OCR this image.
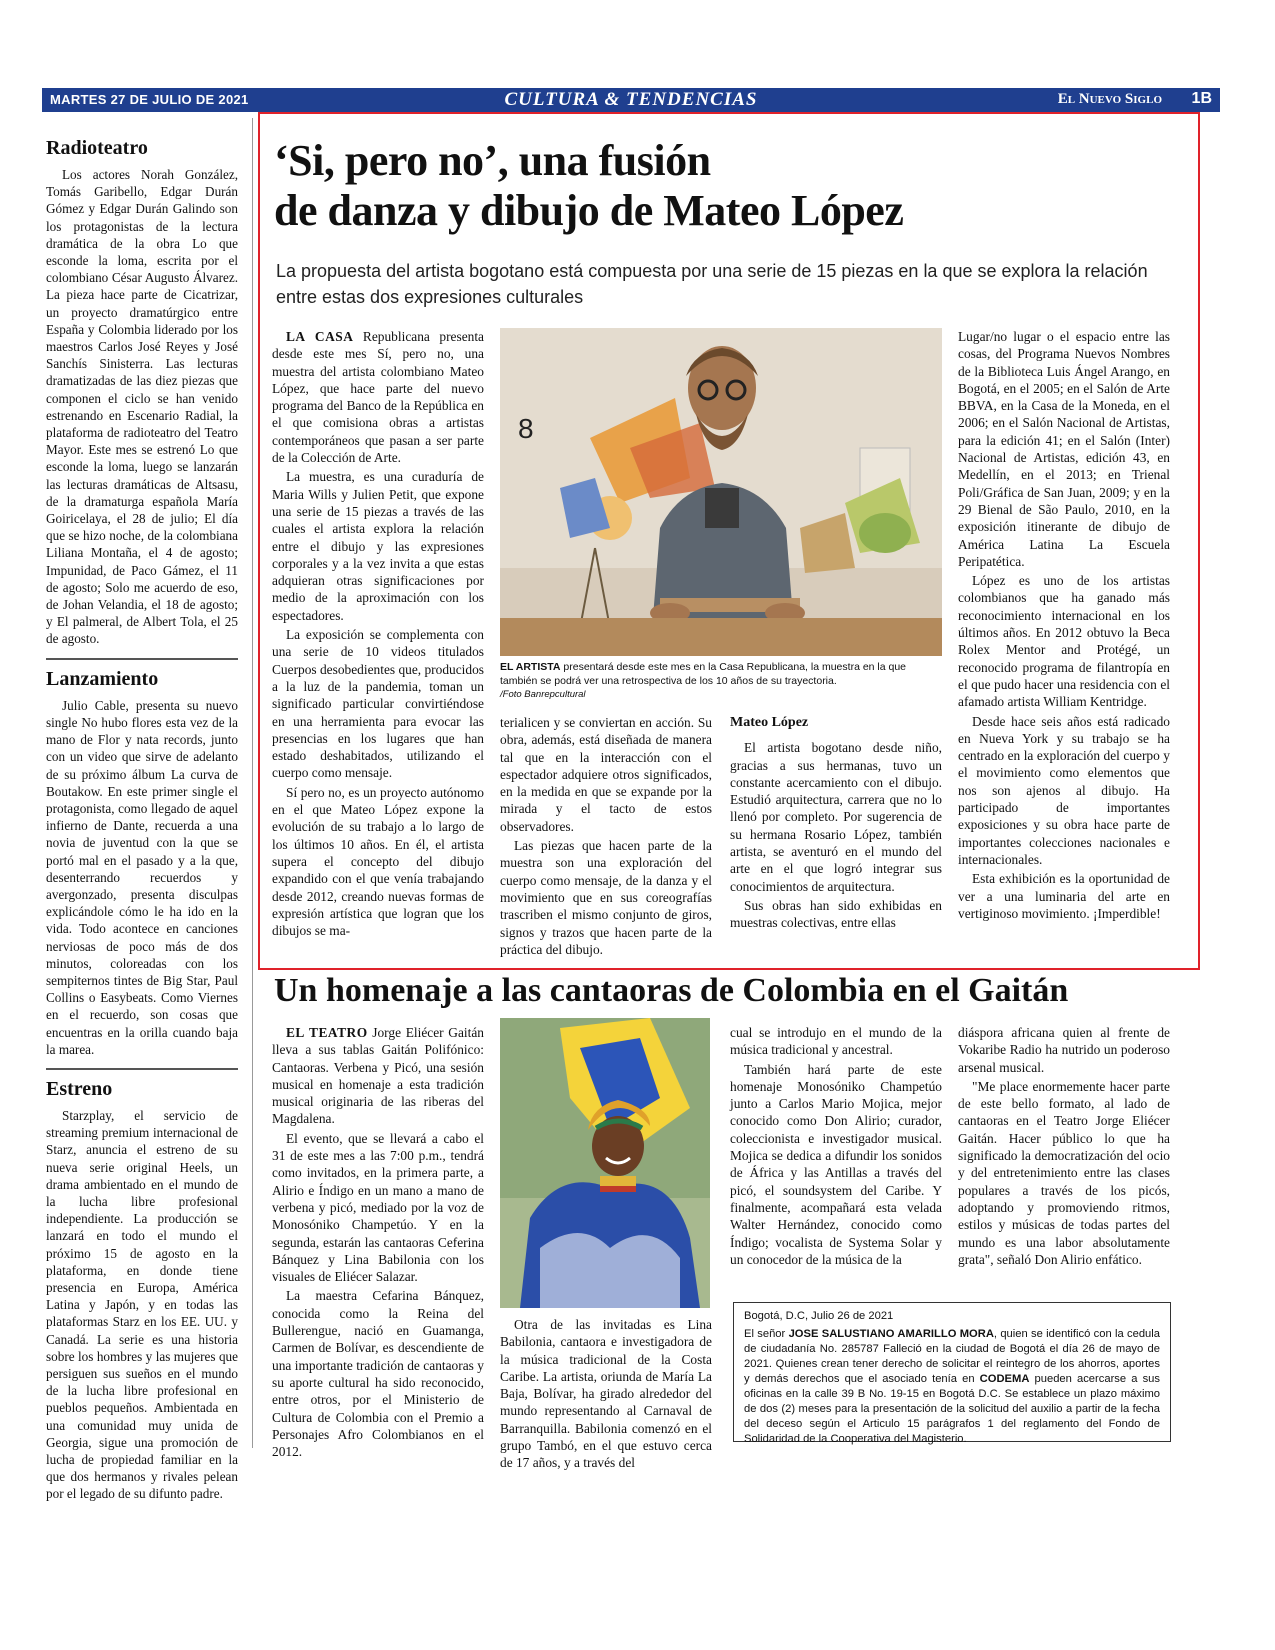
MARTES 27 DE JULIO DE 2021	CULTURA & TENDENCIAS	El Nuevo Siglo 1B
Radioteatro

Los actores Norah González, Tomás Garibello, Edgar Durán Gómez y Edgar Durán Galindo son los protagonistas de la lectura dramática de la obra Lo que esconde la loma, escrita por el colombiano César Augusto Álvarez. La pieza hace parte de Cicatrizar, un proyecto dramatúrgico entre España y Colombia liderado por los maestros Carlos José Reyes y José Sanchís Sinisterra. Las lecturas dramatizadas de las diez piezas que componen el ciclo se han venido estrenando en Escenario Radial, la plataforma de radioteatro del Teatro Mayor. Este mes se estrenó Lo que esconde la loma, luego se lanzarán las lecturas dramáticas de Altsasu, de la dramaturga española María Goiricelaya, el 28 de julio; El día que se hizo noche, de la colombiana Liliana Montaña, el 4 de agosto; Impunidad, de Paco Gámez, el 11 de agosto; Solo me acuerdo de eso, de Johan Velandia, el 18 de agosto; y El palmeral, de Albert Tola, el 25 de agosto.

Lanzamiento

Julio Cable, presenta su nuevo single No hubo flores esta vez de la mano de Flor y nata records, junto con un video que sirve de adelanto de su próximo álbum La curva de Boutakow. En este primer single el protagonista, como llegado de aquel infierno de Dante, recuerda a una novia de juventud con la que se portó mal en el pasado y a la que, desenterrando recuerdos y avergonzado, presenta disculpas explicándole cómo le ha ido en la vida. Todo acontece en canciones nerviosas de poco más de dos minutos, coloreadas con los sempiternos tintes de Big Star, Paul Collins o Easybeats. Como Viernes en el recuerdo, son cosas que encuentras en la orilla cuando baja la marea.

Estreno

Starzplay, el servicio de streaming premium internacional de Starz, anuncia el estreno de su nueva serie original Heels, un drama ambientado en el mundo de la lucha libre profesional independiente. La producción se lanzará en todo el mundo el próximo 15 de agosto en la plataforma, en donde tiene presencia en Europa, América Latina y Japón, y en todas las plataformas Starz en los EE. UU. y Canadá. La serie es una historia sobre los hombres y las mujeres que persiguen sus sueños en el mundo de la lucha libre profesional en pueblos pequeños. Ambientada en una comunidad muy unida de Georgia, sigue una promoción de lucha de propiedad familiar en la que dos hermanos y rivales pelean por el legado de su difunto padre.

‘Si, pero no’, una fusión
de danza y dibujo de Mateo López

La propuesta del artista bogotano está compuesta por una serie de 15 piezas en la que se explora la relación entre estas dos expresiones culturales

LA CASA Republicana presenta desde este mes Sí, pero no, una muestra del artista colombiano Mateo López, que hace parte del nuevo programa del Banco de la República en el que comisiona obras a artistas contemporáneos que pasan a ser parte de la Colección de Arte.

La muestra, es una curaduría de Maria Wills y Julien Petit, que expone una serie de 15 piezas a través de las cuales el artista explora la relación entre el dibujo y las expresiones corporales y a la vez invita a que estas adquieran otras significaciones por medio de la aproximación con los espectadores.

La exposición se complementa con una serie de 10 videos titulados Cuerpos desobedientes que, producidos a la luz de la pandemia, toman un significado particular convirtiéndose en una herramienta para evocar las presencias en los lugares que han estado deshabitados, utilizando el cuerpo como mensaje.

Sí pero no, es un proyecto autónomo en el que Mateo López expone la evolución de su trabajo a lo largo de los últimos 10 años. En él, el artista supera el concepto del dibujo expandido con el que venía trabajando desde 2012, creando nuevas formas de expresión artística que logran que los dibujos se ma-

8
EL ARTISTA presentará desde este mes en la Casa Republicana, la muestra en la que también se podrá ver una retrospectiva de los 10 años de su trayectoria.
/Foto Banrepcultural

terialicen y se conviertan en acción. Su obra, además, está diseñada de manera tal que en la interacción con el espectador adquiere otros significados, en la medida en que se expande por la mirada y el tacto de estos observadores.

Las piezas que hacen parte de la muestra son una exploración del cuerpo como mensaje, de la danza y el movimiento que en sus coreografías trascriben el mismo conjunto de giros, signos y trazos que hacen parte de la práctica del dibujo.

Mateo López

El artista bogotano desde niño, gracias a sus hermanas, tuvo un constante acercamiento con el dibujo. Estudió arquitectura, carrera que no lo llenó por completo. Por sugerencia de su hermana Rosario López, también artista, se aventuró en el mundo del arte en el que logró integrar sus conocimientos de arquitectura.

Sus obras han sido exhibidas en muestras colectivas, entre ellas

Lugar/no lugar o el espacio entre las cosas, del Programa Nuevos Nombres de la Biblioteca Luis Ángel Arango, en Bogotá, en el 2005; en el Salón de Arte BBVA, en la Casa de la Moneda, en el 2006; en el Salón Nacional de Artistas, para la edición 41; en el Salón (Inter) Nacional de Artistas, edición 43, en Medellín, en el 2013; en Trienal Poli/Gráfica de San Juan, 2009; y en la 29 Bienal de São Paulo, 2010, en la exposición itinerante de dibujo de América Latina La Escuela Peripatética.

López es uno de los artistas colombianos que ha ganado más reconocimiento internacional en los últimos años. En 2012 obtuvo la Beca Rolex Mentor and Protégé, un reconocido programa de filantropía en el que pudo hacer una residencia con el afamado artista William Kentridge.

Desde hace seis años está radicado en Nueva York y su trabajo se ha centrado en la exploración del cuerpo y el movimiento como elementos que nos son ajenos al dibujo. Ha participado de importantes exposiciones y su obra hace parte de importantes colecciones nacionales e internacionales.

Esta exhibición es la oportunidad de ver a una luminaria del arte en vertiginoso movimiento. ¡Imperdible!

Un homenaje a las cantaoras de Colombia en el Gaitán

EL TEATRO Jorge Eliécer Gaitán lleva a sus tablas Gaitán Polifónico: Cantaoras. Verbena y Picó, una sesión musical en homenaje a esta tradición musical originaria de las riberas del Magdalena.

El evento, que se llevará a cabo el 31 de este mes a las 7:00 p.m., tendrá como invitados, en la primera parte, a Alirio e Índigo en un mano a mano de verbena y picó, mediado por la voz de Monosóniko Champetúo. Y en la segunda, estarán las cantaoras Ceferina Bánquez y Lina Babilonia con los visuales de Eliécer Salazar.

La maestra Cefarina Bánquez, conocida como la Reina del Bullerengue, nació en Guamanga, Carmen de Bolívar, es descendiente de una importante tradición de cantaoras y su aporte cultural ha sido reconocido, entre otros, por el Ministerio de Cultura de Colombia con el Premio a Personajes Afro Colombianos en el 2012.

Otra de las invitadas es Lina Babilonia, cantaora e investigadora de la música tradicional de la Costa Caribe. La artista, oriunda de María La Baja, Bolívar, ha girado alrededor del mundo representando al Carnaval de Barranquilla. Babilonia comenzó en el grupo Tambó, en el que estuvo cerca de 17 años, y a través del

cual se introdujo en el mundo de la música tradicional y ancestral.

También hará parte de este homenaje Monosóniko Champetúo junto a Carlos Mario Mojica, mejor conocido como Don Alirio; curador, coleccionista e investigador musical. Mojica se dedica a difundir los sonidos de África y las Antillas a través del picó, el soundsystem del Caribe. Y finalmente, acompañará esta velada Walter Hernández, conocido como Índigo; vocalista de Systema Solar y un conocedor de la música de la

diáspora africana quien al frente de Vokaribe Radio ha nutrido un poderoso arsenal musical.

"Me place enormemente hacer parte de este bello formato, al lado de cantaoras en el Teatro Jorge Eliécer Gaitán. Hacer público lo que ha significado la democratización del ocio y del entretenimiento entre las clases populares a través de los picós, adoptando y promoviendo ritmos, estilos y músicas de todas partes del mundo es una labor absolutamente grata", señaló Don Alirio enfático.

Bogotá, D.C, Julio 26 de 2021

El señor JOSE SALUSTIANO AMARILLO MORA, quien se identificó con la cedula de ciudadanía No. 285787 Falleció en la ciudad de Bogotá el día 26 de mayo de 2021. Quienes crean tener derecho de solicitar el reintegro de los ahorros, aportes y demás derechos que el asociado tenía en CODEMA pueden acercarse a sus oficinas en la calle 39 B No. 19-15 en Bogotá D.C. Se establece un plazo máximo de dos (2) meses para la presentación de la solicitud del auxilio a partir de la fecha del deceso según el Articulo 15 parágrafos 1 del reglamento del Fondo de Solidaridad de la Cooperativa del Magisterio.
